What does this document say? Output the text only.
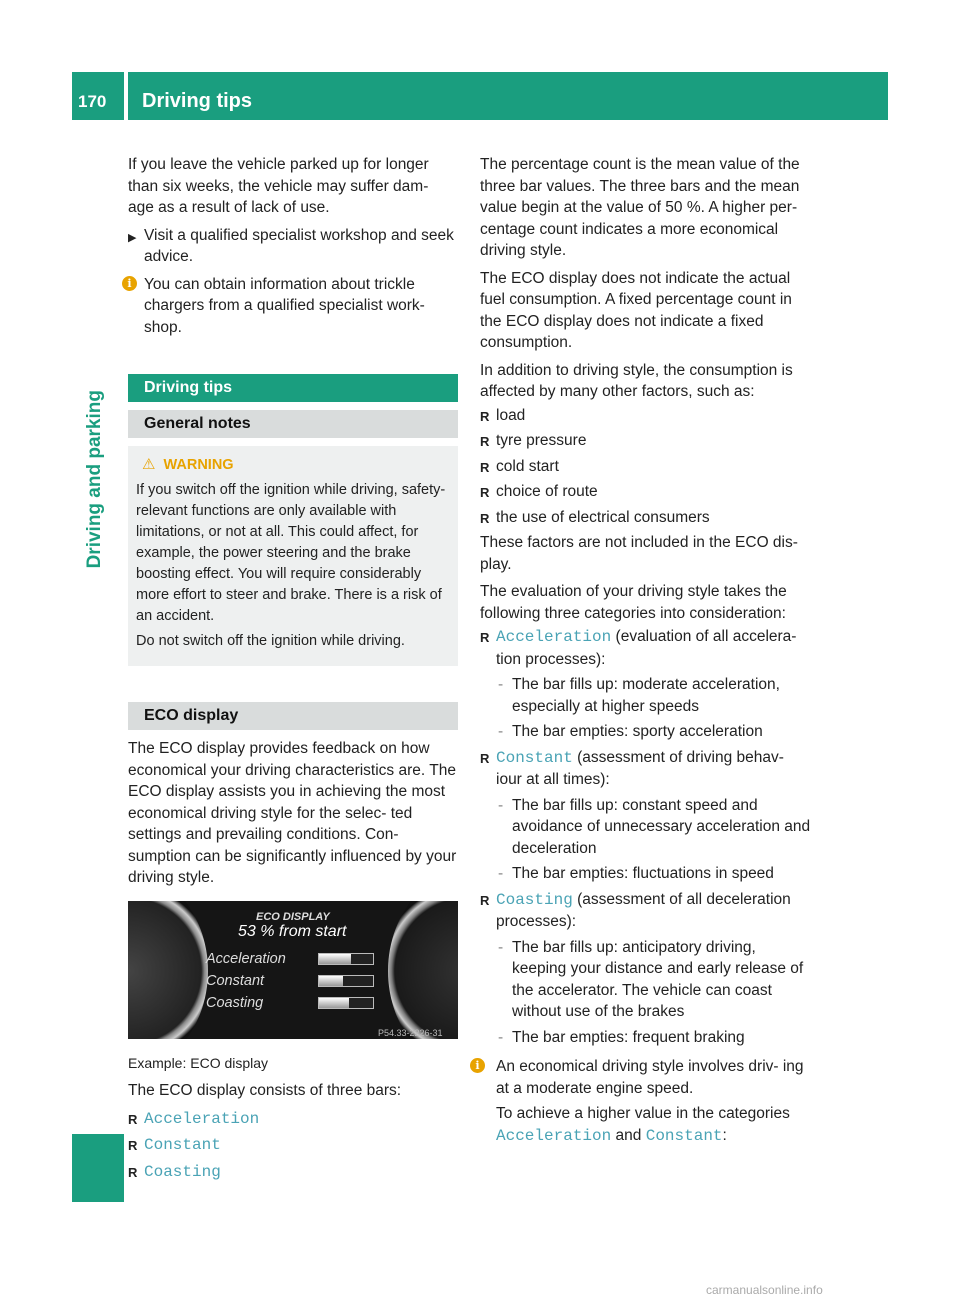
170 Driving tips
Driving and parking

If you leave the vehicle parked up for longer than six weeks, the vehicle may suffer dam- age as a result of lack of use.

▶ Visit a qualified specialist workshop and seek advice.

i You can obtain information about trickle chargers from a qualified specialist work- shop.

Driving tips
General notes

⚠ WARNING

If you switch off the ignition while driving, safety-relevant functions are only available with limitations, or not at all. This could affect, for example, the power steering and the brake boosting effect. You will require considerably more effort to steer and brake. There is a risk of an accident.

Do not switch off the ignition while driving.

ECO display

The ECO display provides feedback on how economical your driving characteristics are. The ECO display assists you in achieving the most economical driving style for the selec- ted settings and prevailing conditions. Con- sumption can be significantly influenced by your driving style.

ECO DISPLAY
53 % from start
Acceleration
Constant
Coasting
P54.33-2226-31
Example: ECO display

The ECO display consists of three bars:

R Acceleration
R Constant
R Coasting

The percentage count is the mean value of the three bar values. The three bars and the mean value begin at the value of 50 %. A higher per- centage count indicates a more economical driving style.

The ECO display does not indicate the actual fuel consumption. A fixed percentage count in the ECO display does not indicate a fixed consumption.

In addition to driving style, the consumption is affected by many other factors, such as:

R load
R tyre pressure
R cold start
R choice of route
R the use of electrical consumers

These factors are not included in the ECO dis- play.

The evaluation of your driving style takes the following three categories into consideration:

R Acceleration (evaluation of all accelera- tion processes):
- The bar fills up: moderate acceleration, especially at higher speeds
- The bar empties: sporty acceleration
R Constant (assessment of driving behav- iour at all times):
- The bar fills up: constant speed and avoidance of unnecessary acceleration and deceleration
- The bar empties: fluctuations in speed
R Coasting (assessment of all deceleration processes):
- The bar fills up: anticipatory driving, keeping your distance and early release of the accelerator. The vehicle can coast without use of the brakes
- The bar empties: frequent braking

i	An economical driving style involves driv- ing at a moderate engine speed.

To achieve a higher value in the categories Acceleration and Constant:

carmanualsonline.info
